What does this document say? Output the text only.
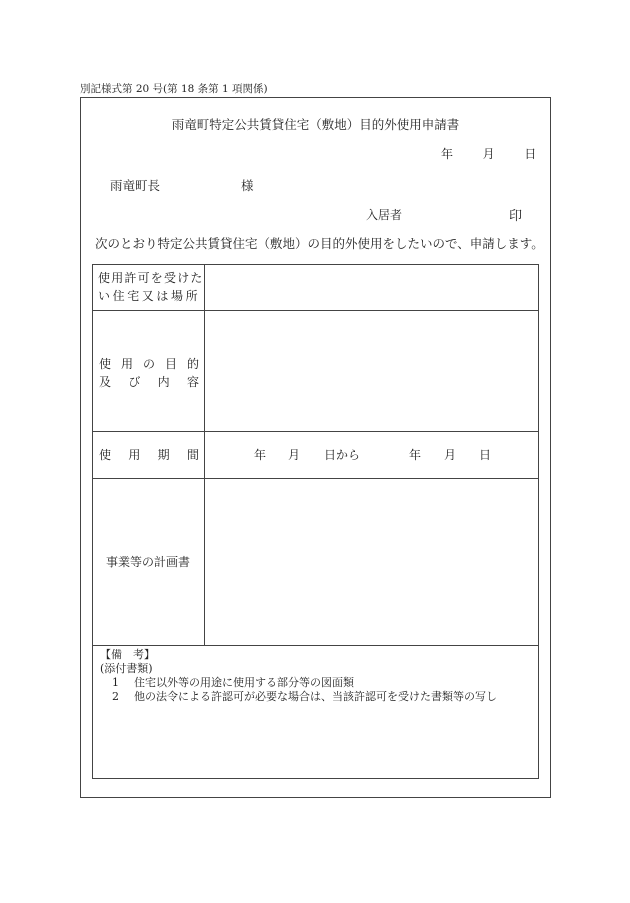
別記様式第 20 号(第 18 条第 1 項関係)
雨竜町特定公共賃貸住宅（敷地）目的外使用申請書
年 月 日
雨竜町長	様
入居者	印
次のとおり特定公共賃貸住宅（敷地）の目的外使用をしたいので、申請します。
使用許可を受けた
い住宅又は場所
使 用 の 目 的
及 び 内 容
使 用 期 間	年 月 日から	年 月 日
事業等の計画書
【備　考】
(添付書類)
1 住宅以外等の用途に使用する部分等の図面類
2 他の法令による許認可が必要な場合は、当該許認可を受けた書類等の写し
